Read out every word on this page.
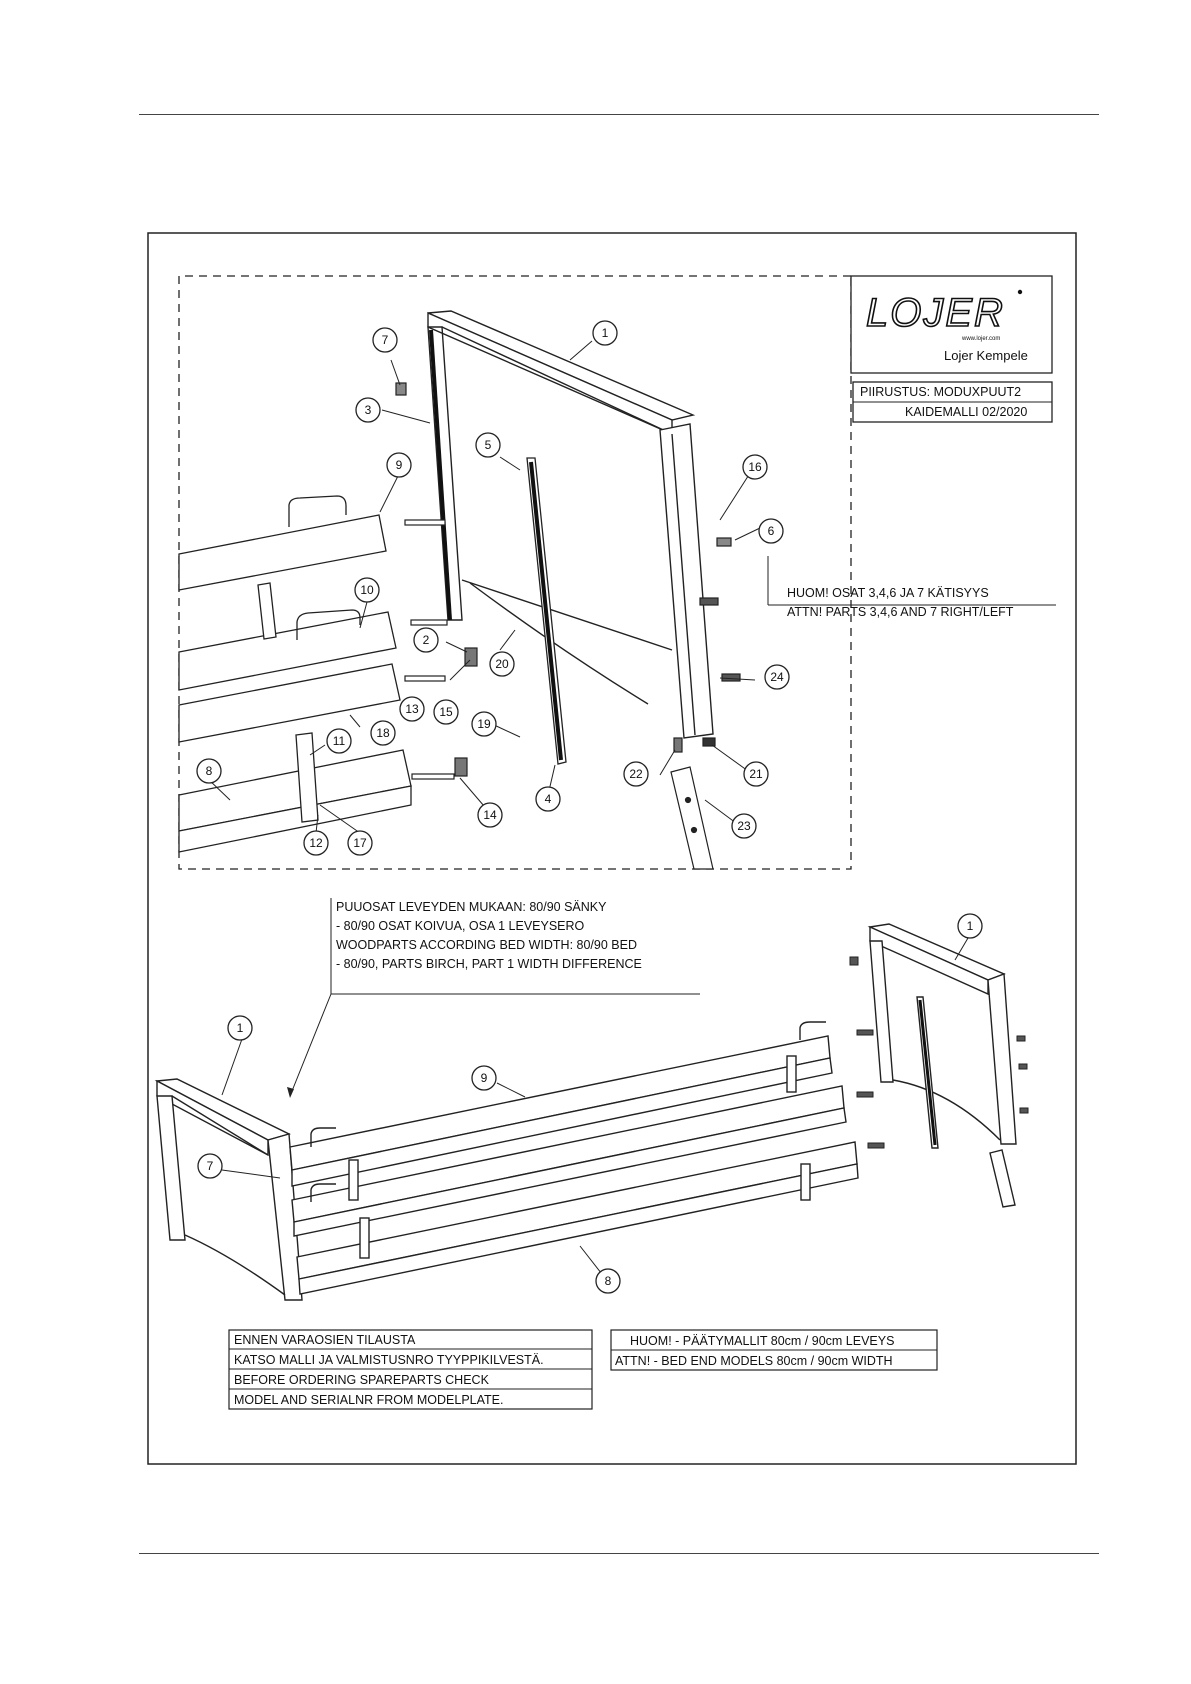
LOJER
www.lojer.com
Lojer Kempele
PIIRUSTUS: MODUXPUUT2
KAIDEMALLI 02/2020
1
3
7
5
9	16
6
10
2
20
13 15
24
18
19
11
8	22	21
14
4
12	17
23
HUOM! OSAT 3,4,6 JA 7 KÄTISYYS
ATTN! PARTS 3,4,6 AND 7 RIGHT/LEFT
PUUOSAT LEVEYDEN MUKAAN: 80/90 SÄNKY
- 80/90 OSAT KOIVUA, OSA 1 LEVEYSERO
WOODPARTS ACCORDING BED WIDTH: 80/90 BED
- 80/90, PARTS BIRCH, PART 1 WIDTH DIFFERENCE
1
1
9
7
8
ENNEN VARAOSIEN TILAUSTA
KATSO MALLI JA VALMISTUSNRO TYYPPIKILVESTÄ.
BEFORE ORDERING SPAREPARTS CHECK
MODEL AND SERIALNR FROM MODELPLATE.
HUOM! - PÄÄTYMALLIT 80cm / 90cm LEVEYS
ATTN! - BED END MODELS 80cm / 90cm WIDTH
